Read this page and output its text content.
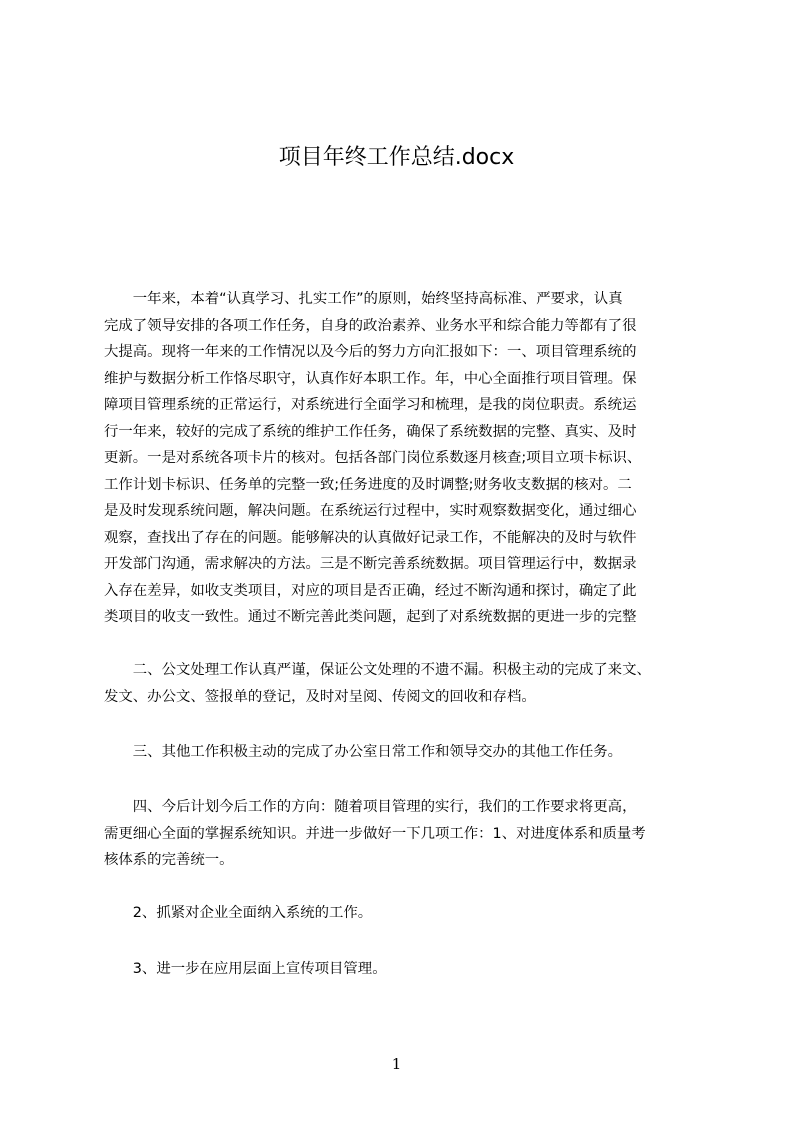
项目年终工作总结.docx

　　一年来，本着“认真学习、扎实工作”的原则，始终坚持高标准、严要求，认真
完成了领导安排的各项工作任务，自身的政治素养、业务水平和综合能力等都有了很
大提高。现将一年来的工作情况以及今后的努力方向汇报如下：一、项目管理系统的
维护与数据分析工作恪尽职守，认真作好本职工作。年，中心全面推行项目管理。保
障项目管理系统的正常运行，对系统进行全面学习和梳理，是我的岗位职责。系统运
行一年来，较好的完成了系统的维护工作任务，确保了系统数据的完整、真实、及时
更新。一是对系统各项卡片的核对。包括各部门岗位系数逐月核查;项目立项卡标识、
工作计划卡标识、任务单的完整一致;任务进度的及时调整;财务收支数据的核对。二
是及时发现系统问题，解决问题。在系统运行过程中，实时观察数据变化，通过细心
观察，查找出了存在的问题。能够解决的认真做好记录工作，不能解决的及时与软件
开发部门沟通，需求解决的方法。三是不断完善系统数据。项目管理运行中，数据录
入存在差异，如收支类项目，对应的项目是否正确，经过不断沟通和探讨，确定了此
类项目的收支一致性。通过不断完善此类问题，起到了对系统数据的更进一步的完整

　　二、公文处理工作认真严谨，保证公文处理的不遗不漏。积极主动的完成了来文、
发文、办公文、签报单的登记，及时对呈阅、传阅文的回收和存档。

　　三、其他工作积极主动的完成了办公室日常工作和领导交办的其他工作任务。

　　四、今后计划今后工作的方向：随着项目管理的实行，我们的工作要求将更高，
需更细心全面的掌握系统知识。并进一步做好一下几项工作：1、对进度体系和质量考
核体系的完善统一。

　　2、抓紧对企业全面纳入系统的工作。

　　3、进一步在应用层面上宣传项目管理。

1
